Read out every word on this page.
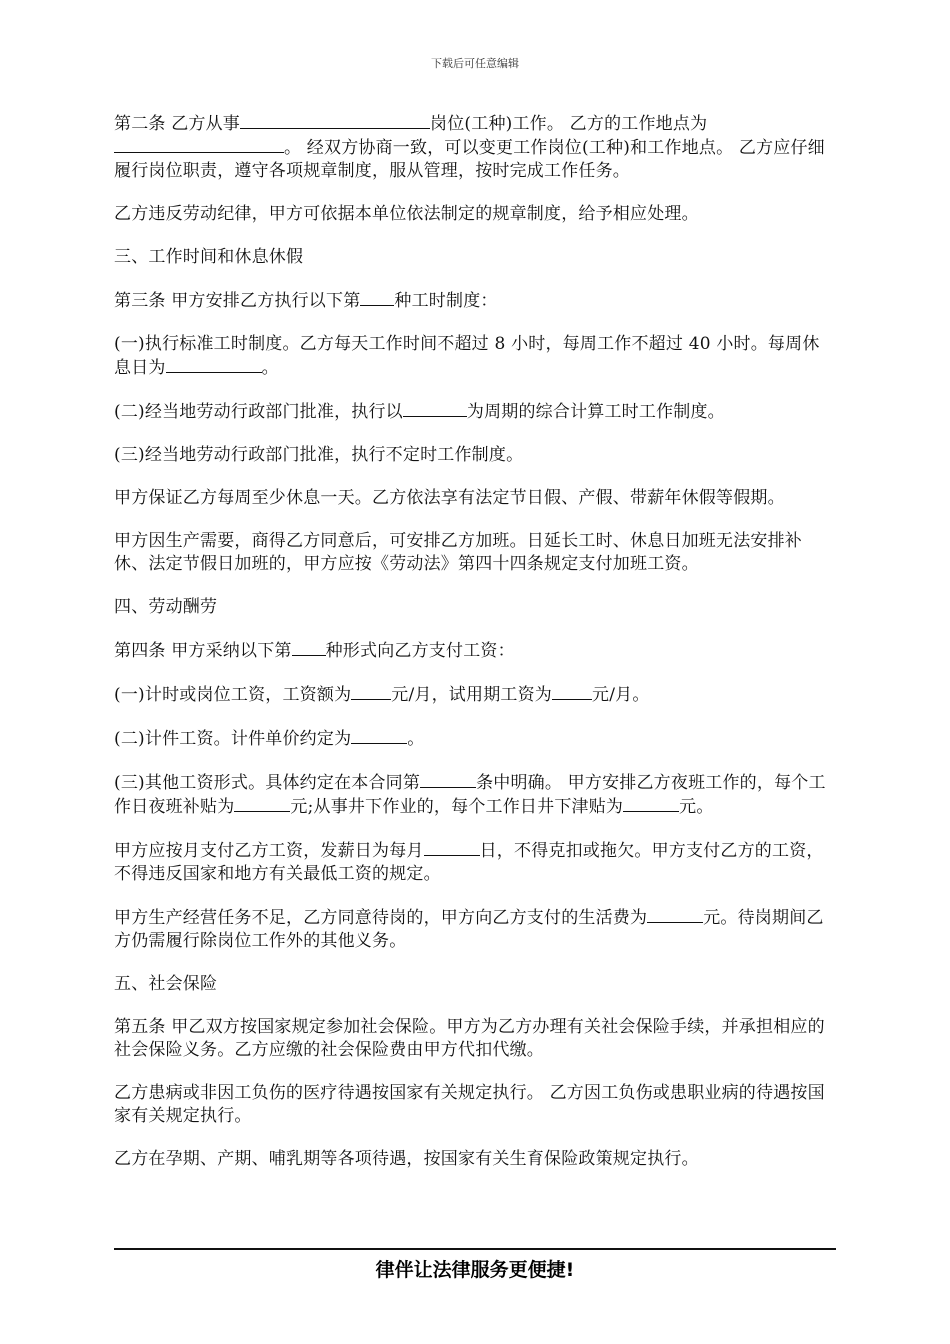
下载后可任意编辑

第二条 乙方从事	岗位(工种)工作。 乙方的工作地点为。 经双方协商一致，可以变更工作岗位(工种)和工作地点。 乙方应仔细履行岗位职责，遵守各项规章制度，服从管理，按时完成工作任务。

乙方违反劳动纪律，甲方可依据本单位依法制定的规章制度，给予相应处理。

三、工作时间和休息休假

第三条 甲方安排乙方执行以下第 种工时制度：

(一)执行标准工时制度。乙方每天工作时间不超过 8 小时，每周工作不超过 40 小时。每周休息日为	。

(二)经当地劳动行政部门批准，执行以	为周期的综合计算工时工作制度。

(三)经当地劳动行政部门批准，执行不定时工作制度。

甲方保证乙方每周至少休息一天。乙方依法享有法定节日假、产假、带薪年休假等假期。

甲方因生产需要，商得乙方同意后，可安排乙方加班。日延长工时、休息日加班无法安排补休、法定节假日加班的，甲方应按《劳动法》第四十四条规定支付加班工资。

四、劳动酬劳

第四条 甲方采纳以下第 种形式向乙方支付工资：

(一)计时或岗位工资，工资额为 元/月，试用期工资为 元/月。

(二)计件工资。计件单价约定为	。

(三)其他工资形式。具体约定在本合同第	条中明确。 甲方安排乙方夜班工作的，每个工作日夜班补贴为	元;从事井下作业的，每个工作日井下津贴为	元。

甲方应按月支付乙方工资，发薪日为每月	日，不得克扣或拖欠。甲方支付乙方的工资，不得违反国家和地方有关最低工资的规定。

甲方生产经营任务不足，乙方同意待岗的，甲方向乙方支付的生活费为	元。待岗期间乙方仍需履行除岗位工作外的其他义务。

五、社会保险

第五条 甲乙双方按国家规定参加社会保险。甲方为乙方办理有关社会保险手续，并承担相应的社会保险义务。乙方应缴的社会保险费由甲方代扣代缴。

乙方患病或非因工负伤的医疗待遇按国家有关规定执行。 乙方因工负伤或患职业病的待遇按国家有关规定执行。

乙方在孕期、产期、哺乳期等各项待遇，按国家有关生育保险政策规定执行。

律伴让法律服务更便捷!
